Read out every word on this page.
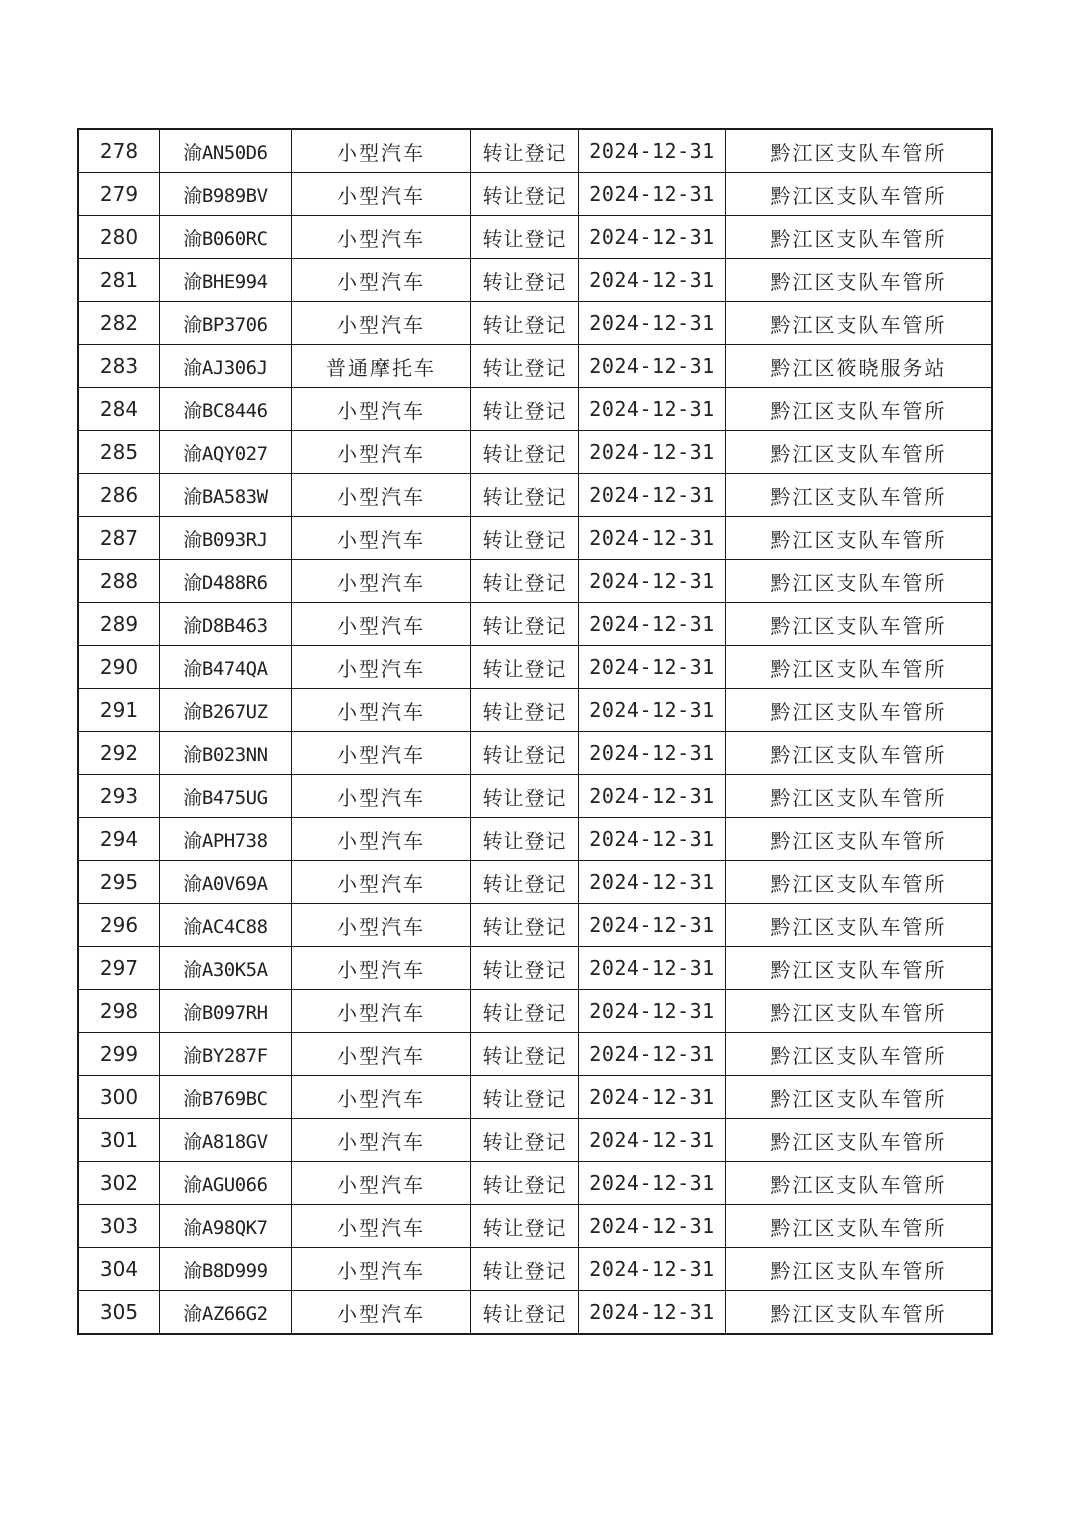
278	渝AN50D6	小型汽车	转让登记	2024-12-31	黔江区支队车管所
279	渝B989BV	小型汽车	转让登记	2024-12-31	黔江区支队车管所
280	渝B060RC	小型汽车	转让登记	2024-12-31	黔江区支队车管所
281	渝BHE994	小型汽车	转让登记	2024-12-31	黔江区支队车管所
282	渝BP3706	小型汽车	转让登记	2024-12-31	黔江区支队车管所
283	渝AJ306J	普通摩托车	转让登记	2024-12-31	黔江区筱晓服务站
284	渝BC8446	小型汽车	转让登记	2024-12-31	黔江区支队车管所
285	渝AQY027	小型汽车	转让登记	2024-12-31	黔江区支队车管所
286	渝BA583W	小型汽车	转让登记	2024-12-31	黔江区支队车管所
287	渝B093RJ	小型汽车	转让登记	2024-12-31	黔江区支队车管所
288	渝D488R6	小型汽车	转让登记	2024-12-31	黔江区支队车管所
289	渝D8B463	小型汽车	转让登记	2024-12-31	黔江区支队车管所
290	渝B474QA	小型汽车	转让登记	2024-12-31	黔江区支队车管所
291	渝B267UZ	小型汽车	转让登记	2024-12-31	黔江区支队车管所
292	渝B023NN	小型汽车	转让登记	2024-12-31	黔江区支队车管所
293	渝B475UG	小型汽车	转让登记	2024-12-31	黔江区支队车管所
294	渝APH738	小型汽车	转让登记	2024-12-31	黔江区支队车管所
295	渝A0V69A	小型汽车	转让登记	2024-12-31	黔江区支队车管所
296	渝AC4C88	小型汽车	转让登记	2024-12-31	黔江区支队车管所
297	渝A30K5A	小型汽车	转让登记	2024-12-31	黔江区支队车管所
298	渝B097RH	小型汽车	转让登记	2024-12-31	黔江区支队车管所
299	渝BY287F	小型汽车	转让登记	2024-12-31	黔江区支队车管所
300	渝B769BC	小型汽车	转让登记	2024-12-31	黔江区支队车管所
301	渝A818GV	小型汽车	转让登记	2024-12-31	黔江区支队车管所
302	渝AGU066	小型汽车	转让登记	2024-12-31	黔江区支队车管所
303	渝A98QK7	小型汽车	转让登记	2024-12-31	黔江区支队车管所
304	渝B8D999	小型汽车	转让登记	2024-12-31	黔江区支队车管所
305	渝AZ66G2	小型汽车	转让登记	2024-12-31	黔江区支队车管所
